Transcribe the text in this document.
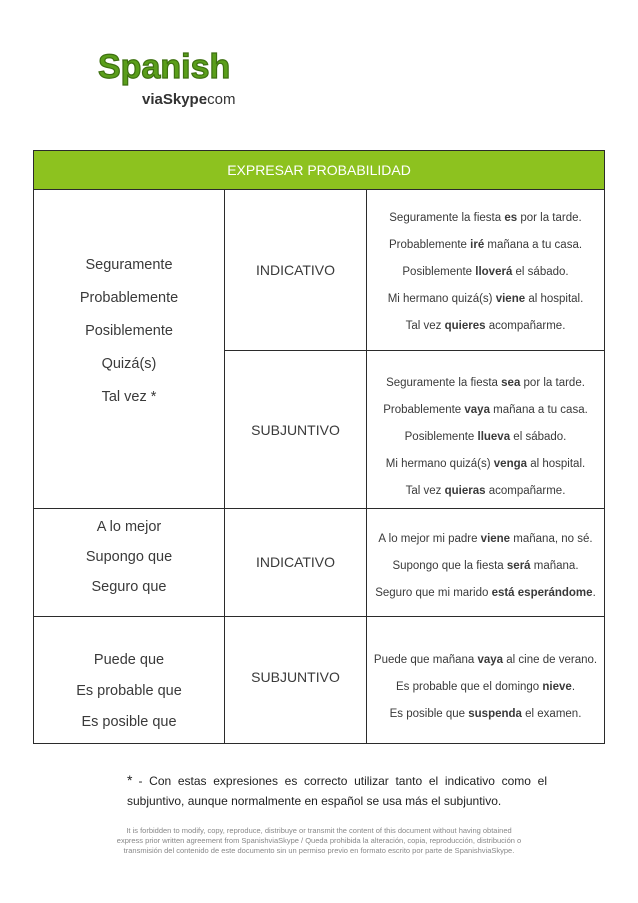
Spanish
viaSkype
.com
EXPRESAR PROBABILIDAD
Seguramente
Probablemente
Posiblemente
Quizá(s)
Tal vez *
INDICATIVO
Seguramente la fiesta es por la tarde.
Probablemente iré mañana a tu casa.
Posiblemente lloverá el sábado.
Mi hermano quizá(s) viene al hospital.
Tal vez quieres acompañarme.
SUBJUNTIVO
Seguramente la fiesta sea por la tarde.
Probablemente vaya mañana a tu casa.
Posiblemente llueva el sábado.
Mi hermano quizá(s) venga al hospital.
Tal vez quieras acompañarme.
A lo mejor
Supongo que
Seguro que
INDICATIVO
A lo mejor mi padre viene mañana, no sé.
Supongo que la fiesta será mañana.
Seguro que mi marido está esperándome.
Puede que
Es probable que
Es posible que
SUBJUNTIVO
Puede que mañana vaya al cine de verano.
Es probable que el domingo nieve.
Es posible que suspenda el examen.
* - Con estas expresiones es correcto utilizar tanto el indicativo como el
subjuntivo, aunque normalmente en español se usa más el subjuntivo.
It is forbidden to modify, copy, reproduce, distribuye or transmit the content of this document without having obtained
express prior written agreement from SpanishviaSkype / Queda prohibida la alteración, copia, reproducción, distribución o
transmisión del contenido de este documento sin un permiso previo en formato escrito por parte de SpanishviaSkype.
